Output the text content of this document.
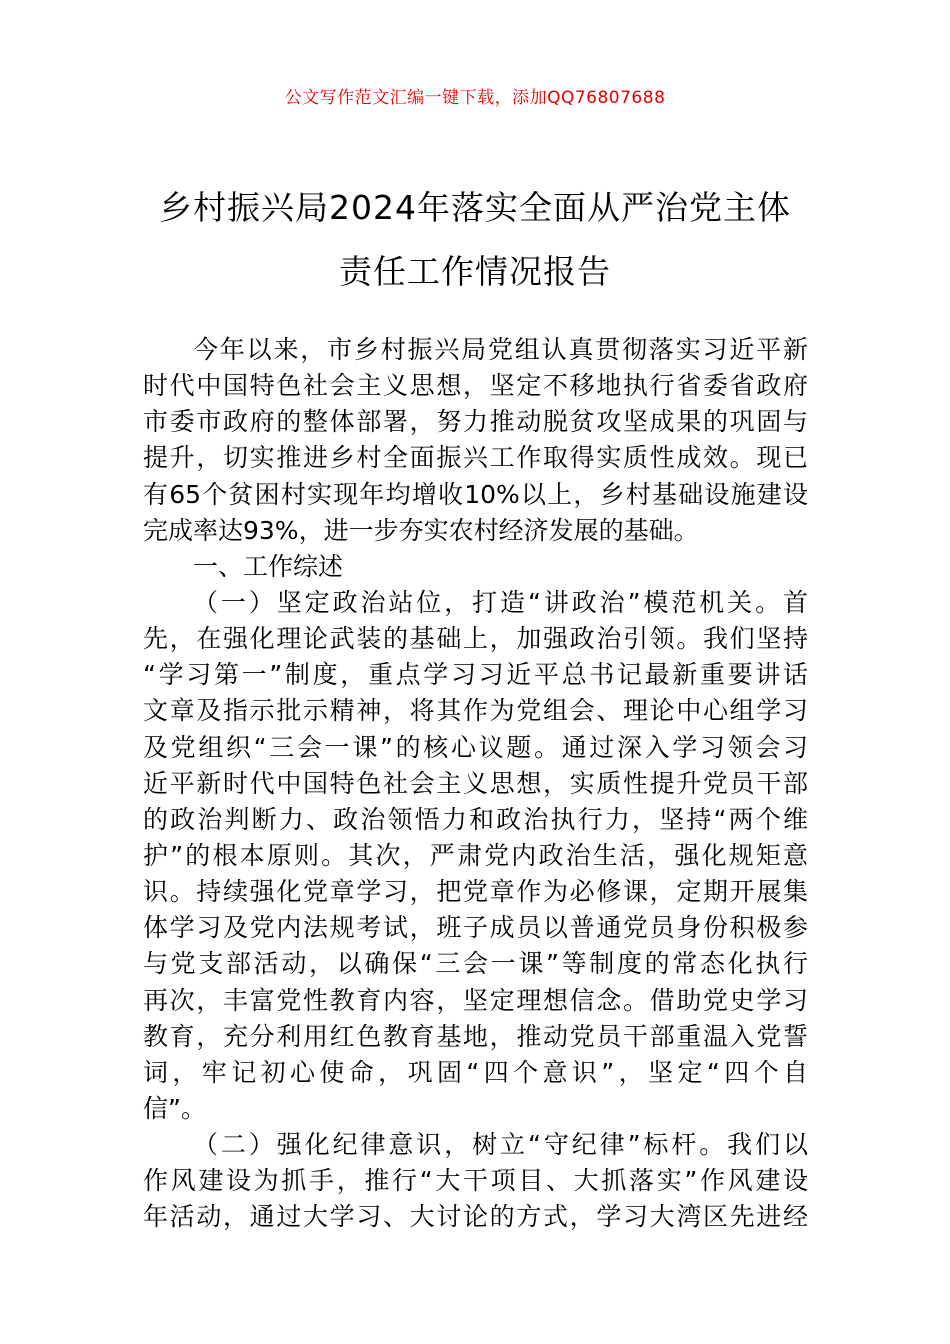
公文写作范文汇编一键下载，添加QQ76807688
乡村振兴局2024年落实全面从严治党主体
责任工作情况报告
今年以来，市乡村振兴局党组认真贯彻落实习近平新
时代中国特色社会主义思想，坚定不移地执行省委省政府
市委市政府的整体部署，努力推动脱贫攻坚成果的巩固与
提升，切实推进乡村全面振兴工作取得实质性成效。现已
有65个贫困村实现年均增收10%以上，乡村基础设施建设
完成率达93%，进一步夯实农村经济发展的基础。
一、工作综述
（一）坚定政治站位，打造“讲政治”模范机关。首
先，在强化理论武装的基础上，加强政治引领。我们坚持
“学习第一”制度，重点学习习近平总书记最新重要讲话
文章及指示批示精神，将其作为党组会、理论中心组学习
及党组织“三会一课”的核心议题。通过深入学习领会习
近平新时代中国特色社会主义思想，实质性提升党员干部
的政治判断力、政治领悟力和政治执行力，坚持“两个维
护”的根本原则。其次，严肃党内政治生活，强化规矩意
识。持续强化党章学习，把党章作为必修课，定期开展集
体学习及党内法规考试，班子成员以普通党员身份积极参
与党支部活动，以确保“三会一课”等制度的常态化执行
再次，丰富党性教育内容，坚定理想信念。借助党史学习
教育，充分利用红色教育基地，推动党员干部重温入党誓
词，牢记初心使命，巩固“四个意识”，坚定“四个自
信”。
（二）强化纪律意识，树立“守纪律”标杆。我们以
作风建设为抓手，推行“大干项目、大抓落实”作风建设
年活动，通过大学习、大讨论的方式，学习大湾区先进经
